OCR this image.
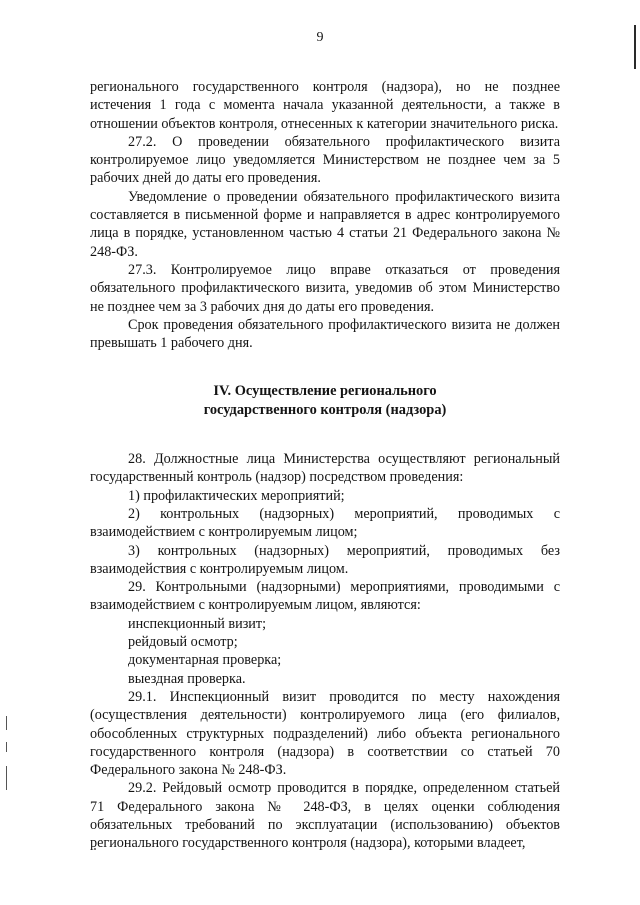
9

регионального государственного контроля (надзора), но не позднее истечения 1 года с момента начала указанной деятельности, а также в отношении объектов контроля, отнесенных к категории значительного риска.

27.2. О проведении обязательного профилактического визита контролируемое лицо уведомляется Министерством не позднее чем за 5 рабочих дней до даты его проведения.

Уведомление о проведении обязательного профилактического визита составляется в письменной форме и направляется в адрес контролируемого лица в порядке, установленном частью 4 статьи 21 Федерального закона № 248-ФЗ.

27.3. Контролируемое лицо вправе отказаться от проведения обязательного профилактического визита, уведомив об этом Министерство не позднее чем за 3 рабочих дня до даты его проведения.

Срок проведения обязательного профилактического визита не должен превышать 1 рабочего дня.

IV. Осуществление регионального
государственного контроля (надзора)

28. Должностные лица Министерства осуществляют региональный государственный контроль (надзор) посредством проведения:

1) профилактических мероприятий;

2) контрольных (надзорных) мероприятий, проводимых с взаимодействием с контролируемым лицом;

3) контрольных (надзорных) мероприятий, проводимых без взаимодействия с контролируемым лицом.

29. Контрольными (надзорными) мероприятиями, проводимыми с взаимодействием с контролируемым лицом, являются:

инспекционный визит;

рейдовый осмотр;

документарная проверка;

выездная проверка.

29.1. Инспекционный визит проводится по месту нахождения (осуществления деятельности) контролируемого лица (его филиалов, обособленных структурных подразделений) либо объекта регионального государственного контроля (надзора) в соответствии со статьей 70 Федерального закона № 248-ФЗ.

29.2. Рейдовый осмотр проводится в порядке, определенном статьей 71 Федерального закона № 248-ФЗ, в целях оценки соблюдения обязательных требований по эксплуатации (использованию) объектов регионального государственного контроля (надзора), которыми владеет,
